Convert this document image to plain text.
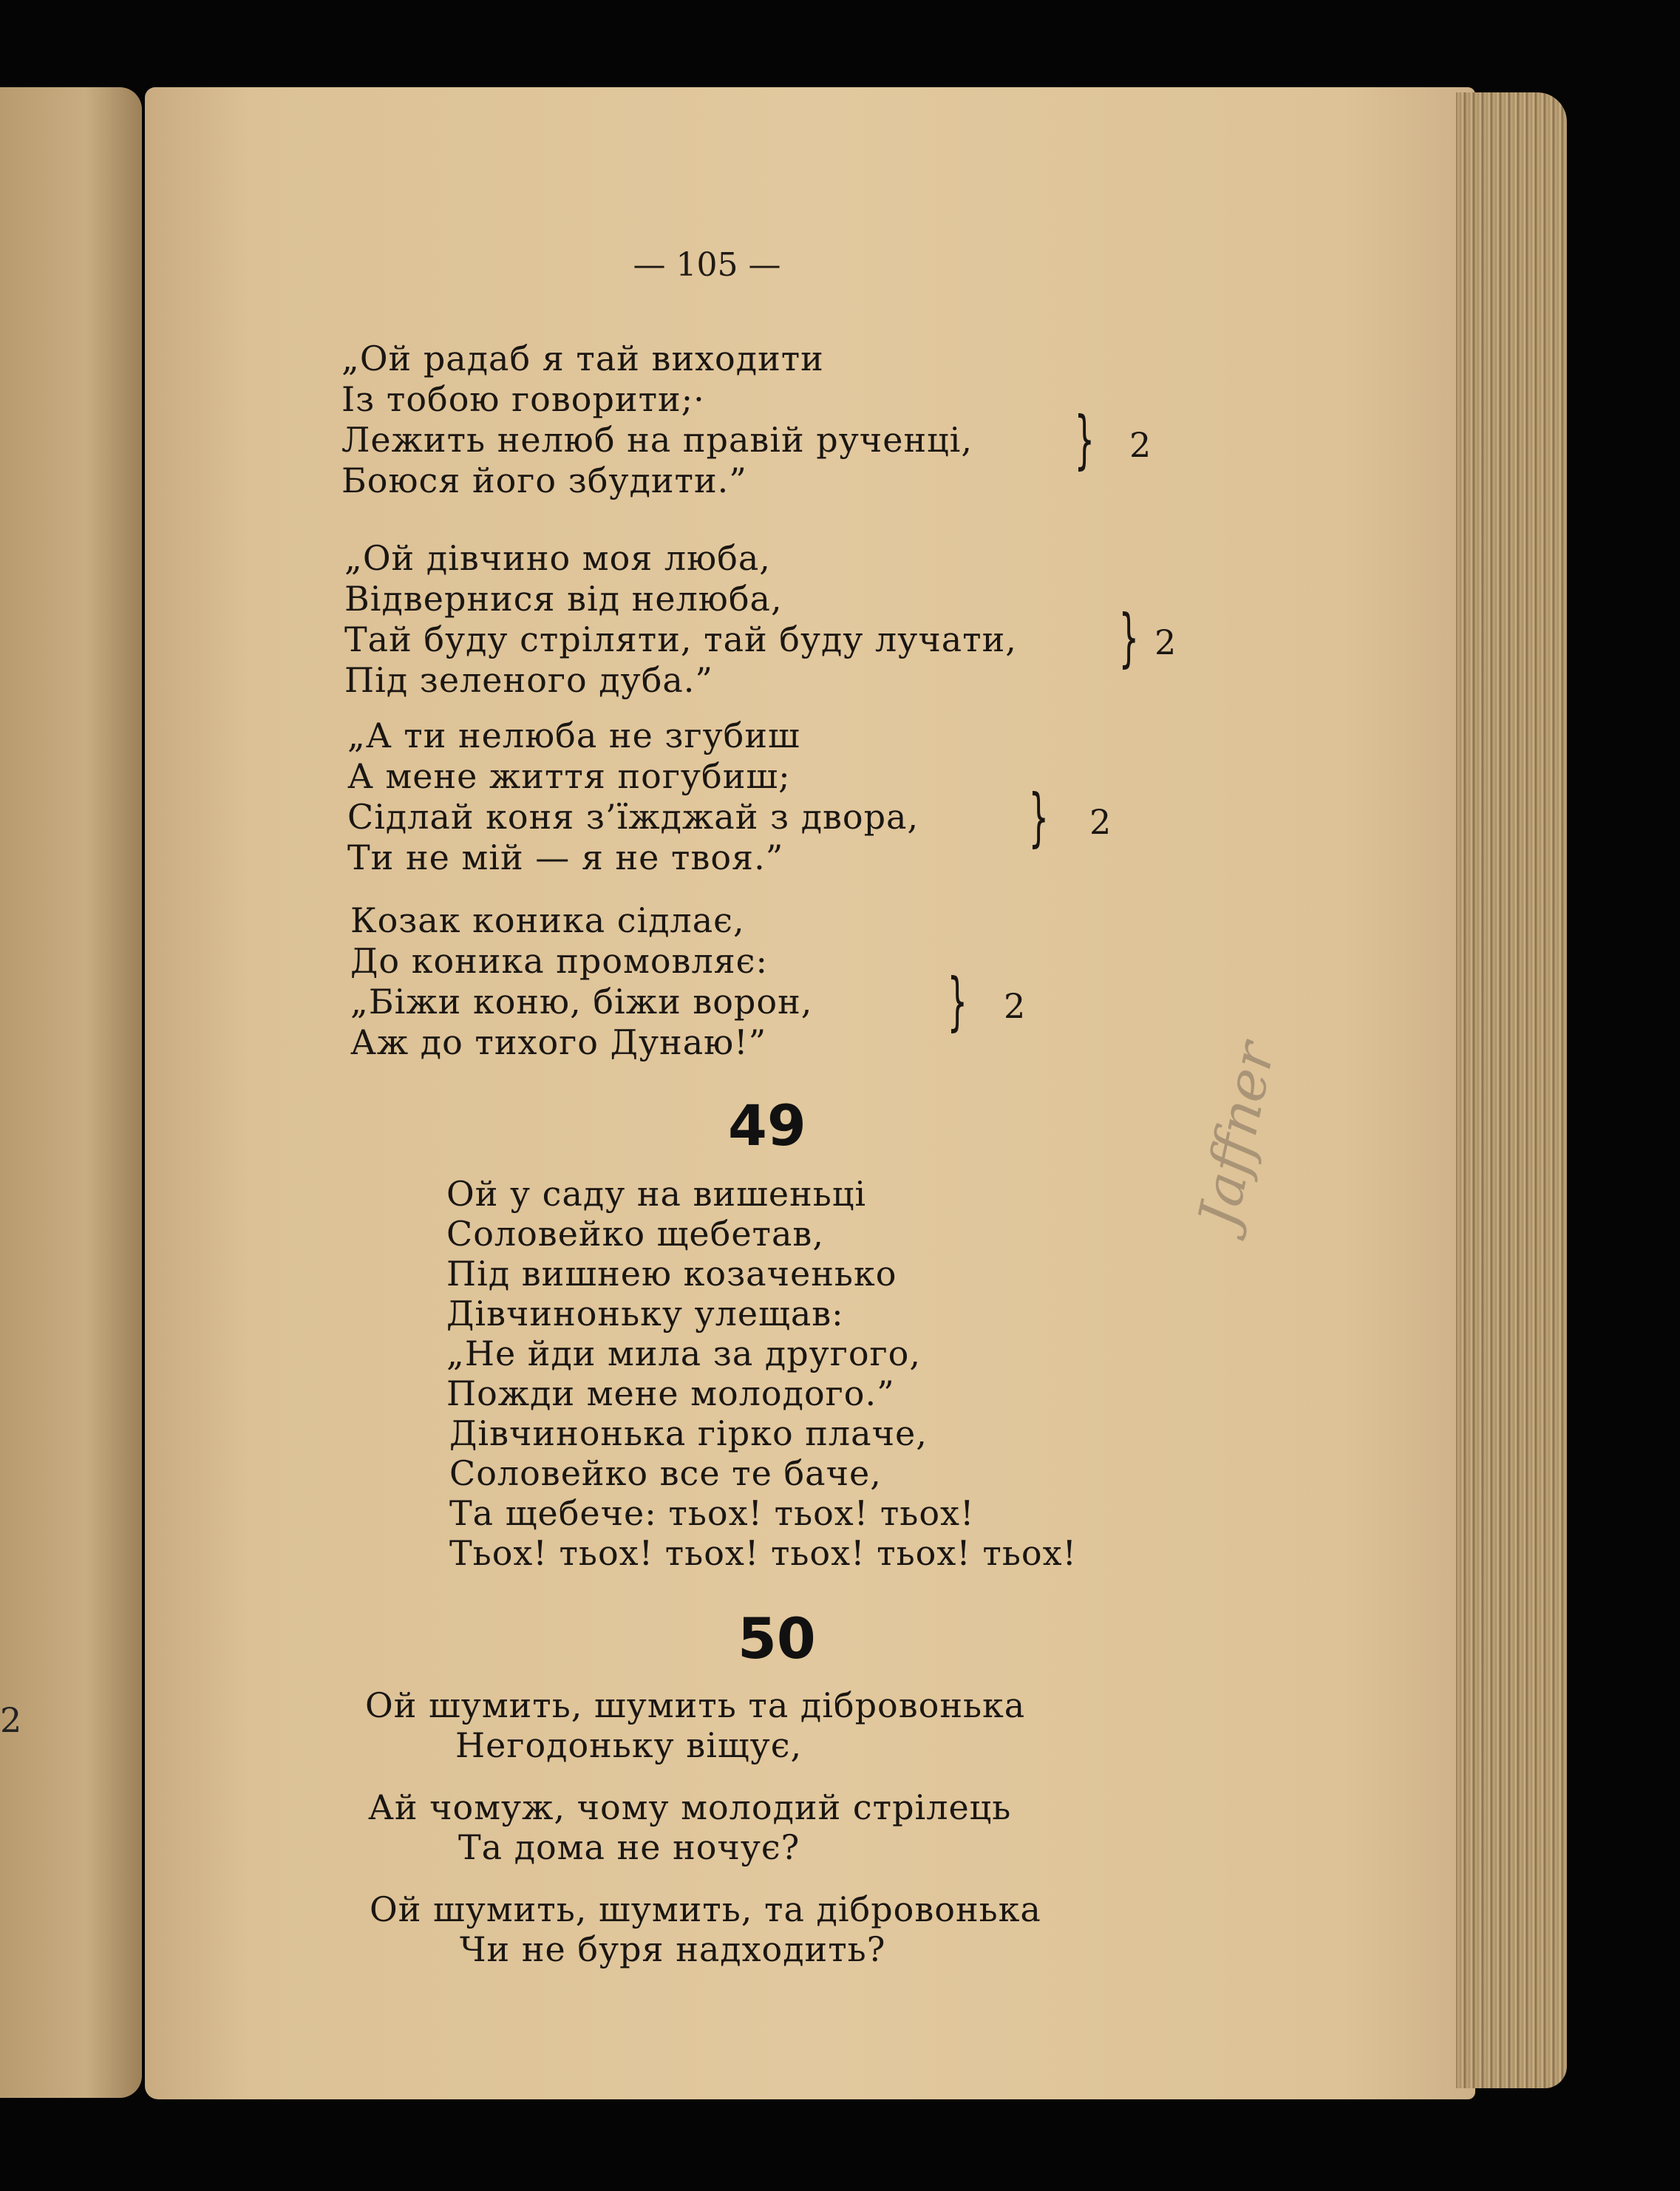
2
— 105 —
„Ой радаб я тай виходити
Із тобою говорити;·
Лежить нелюб на правій рученці,
Боюся його збудити.”
} 2
„Ой дівчино моя люба,
Відвернися від нелюба,
Тай буду стріляти, тай буду лучати,
Під зеленого дуба.”
} 2
„А ти нелюба не згубиш
А мене життя погубиш;
Сідлай коня з’їжджай з двора,
Ти не мій — я не твоя.”
} 2
Козак коника сідлає,
До коника промовляє:
„Біжи коню, біжи ворон,
Аж до тихого Дунаю!”
} 2
49
Ой у саду на вишеньці
Соловейко щебетав,
Під вишнею козаченько
Дівчиноньку улещав:
„Не йди мила за другого,
Пожди мене молодого.”
Дівчинонька гірко плаче,
Соловейко все те баче,
Та щебече: тьох! тьох! тьох!
Тьох! тьох! тьох! тьох! тьох! тьох!
50
Ой шумить, шумить та дібровонька
Негодоньку віщує,
Ай чомуж, чому молодий стрілець
Та дома не ночує?
Ой шумить, шумить, та дібровонька
Чи не буря надходить?
Jaffner
